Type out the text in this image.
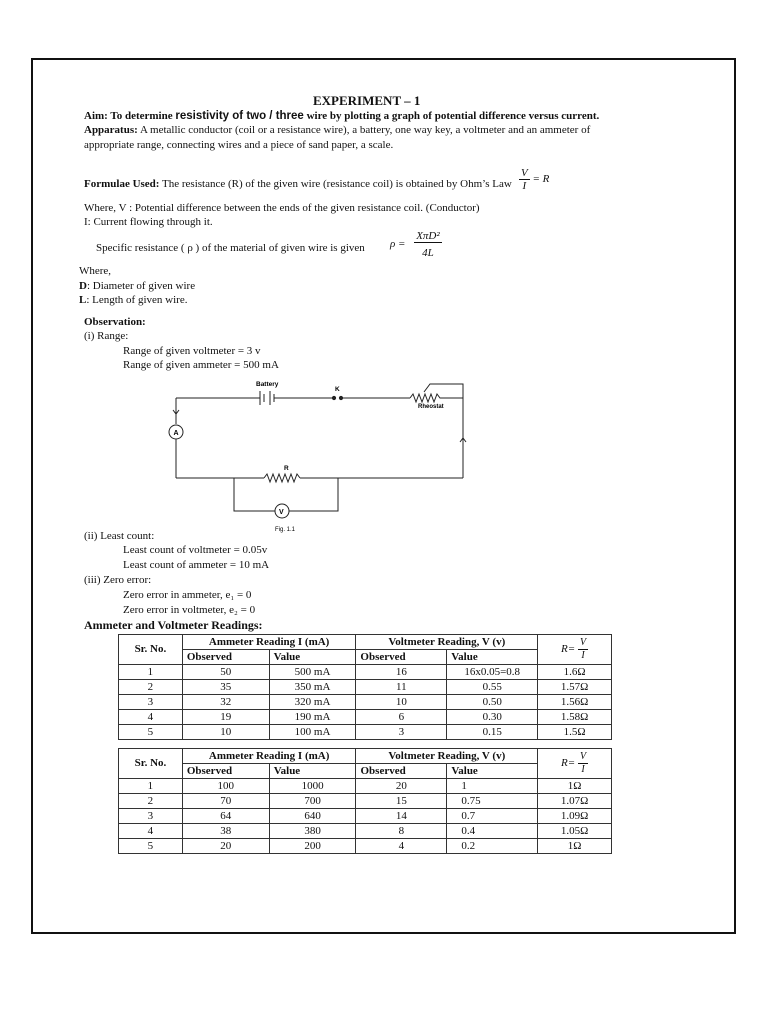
EXPERIMENT – 1
Aim: To determine resistivity of two / three wire by plotting a graph of potential difference versus current.
Apparatus: A metallic conductor (coil or a resistance wire), a battery, one way key, a voltmeter and an ammeter of
appropriate range, connecting wires and a piece of sand paper, a scale.
Formulae Used: The resistance (R) of the given wire (resistance coil) is obtained by Ohm’s Law $\frac{V}{I} = R$
Where, V : Potential difference between the ends of the given resistance coil. (Conductor)
I: Current flowing through it.
Specific resistance ( ρ ) of the material of given wire is given $\rho = \frac{\text{XπD²}}{4L}$
Where,
D: Diameter of given wire
L: Length of given wire.
Observation:
(i) Range:
Range of given voltmeter = 3 v
Range of given ammeter = 500 mA
Battery
K
Rheostat
A
R
V
Fig. 1.1
(ii) Least count:
Least count of voltmeter = 0.05v
Least count of ammeter = 10 mA
(iii) Zero error:
Zero error in ammeter, e₁ = 0
Zero error in voltmeter, e₂ = 0
Ammeter and Voltmeter Readings:
Sr. No.	Ammeter Reading I (mA)		Voltmeter Reading, V (v)		$R= \frac{V}{I}$

	Observed	Value	Observed	Value	
1	50	500 mA	16	16x0.05=0.8	1.6Ω
2	35	350 mA	11	0.55	1.57Ω
3	32	320 mA	10	0.50	1.56Ω
4	19	190 mA	6	0.30	1.58Ω
5	10	100 mA	3	0.15	1.5Ω
Sr. No.	Ammeter Reading I (mA)		Voltmeter Reading, V (v)		$R= \frac{V}{I}$

	Observed	Value	Observed	Value	
1	100	1000	20	1	1Ω
2	70	700	15	0.75	1.07Ω
3	64	640	14	0.7	1.09Ω
4	38	380	8	0.4	1.05Ω
5	20	200	4	0.2	1Ω
